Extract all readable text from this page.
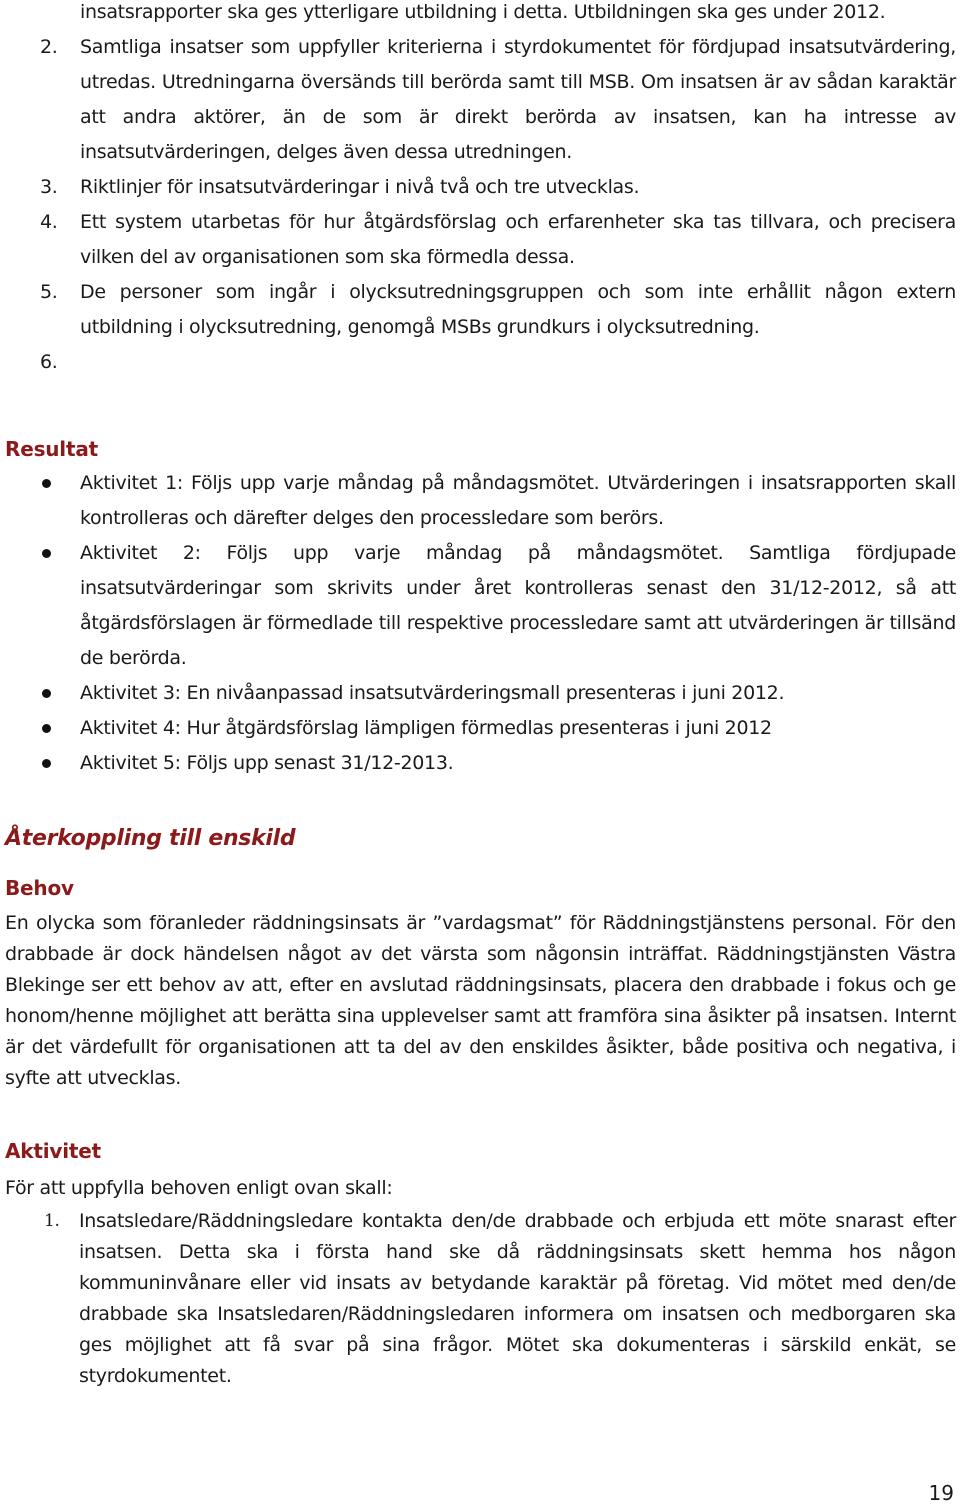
insatsrapporter ska ges ytterligare utbildning i detta. Utbildningen ska ges under 2012.
2. Samtliga insatser som uppfyller kriterierna i styrdokumentet för fördjupad insatsutvärdering, utredas. Utredningarna översänds till berörda samt till MSB. Om insatsen är av sådan karaktär att andra aktörer, än de som är direkt berörda av insatsen, kan ha intresse av insatsutvärderingen, delges även dessa utredningen.
3. Riktlinjer för insatsutvärderingar i nivå två och tre utvecklas.
4. Ett system utarbetas för hur åtgärdsförslag och erfarenheter ska tas tillvara, och precisera vilken del av organisationen som ska förmedla dessa.
5. De personer som ingår i olycksutredningsgruppen och som inte erhållit någon extern utbildning i olycksutredning, genomgå MSBs grundkurs i olycksutredning.
6.
Resultat
Aktivitet 1: Följs upp varje måndag på måndagsmötet. Utvärderingen i insatsrapporten skall kontrolleras och därefter delges den processledare som berörs.
Aktivitet 2: Följs upp varje måndag på måndagsmötet. Samtliga fördjupade insatsutvärderingar som skrivits under året kontrolleras senast den 31/12-2012, så att åtgärdsförslagen är förmedlade till respektive processledare samt att utvärderingen är tillsänd de berörda.
Aktivitet 3: En nivåanpassad insatsutvärderingsmall presenteras i juni 2012.
Aktivitet 4: Hur åtgärdsförslag lämpligen förmedlas presenteras i juni 2012
Aktivitet 5: Följs upp senast 31/12-2013.
Återkoppling till enskild
Behov
En olycka som föranleder räddningsinsats är ”vardagsmat” för Räddningstjänstens personal. För den drabbade är dock händelsen något av det värsta som någonsin inträffat. Räddningstjänsten Västra Blekinge ser ett behov av att, efter en avslutad räddningsinsats, placera den drabbade i fokus och ge honom/henne möjlighet att berätta sina upplevelser samt att framföra sina åsikter på insatsen. Internt är det värdefullt för organisationen att ta del av den enskildes åsikter, både positiva och negativa, i syfte att utvecklas.
Aktivitet
För att uppfylla behoven enligt ovan skall:
1. Insatsledare/Räddningsledare kontakta den/de drabbade och erbjuda ett möte snarast efter insatsen. Detta ska i första hand ske då räddningsinsats skett hemma hos någon kommuninvånare eller vid insats av betydande karaktär på företag. Vid mötet med den/de drabbade ska Insatsledaren/Räddningsledaren informera om insatsen och medborgaren ska ges möjlighet att få svar på sina frågor. Mötet ska dokumenteras i särskild enkät, se styrdokumentet.
19
